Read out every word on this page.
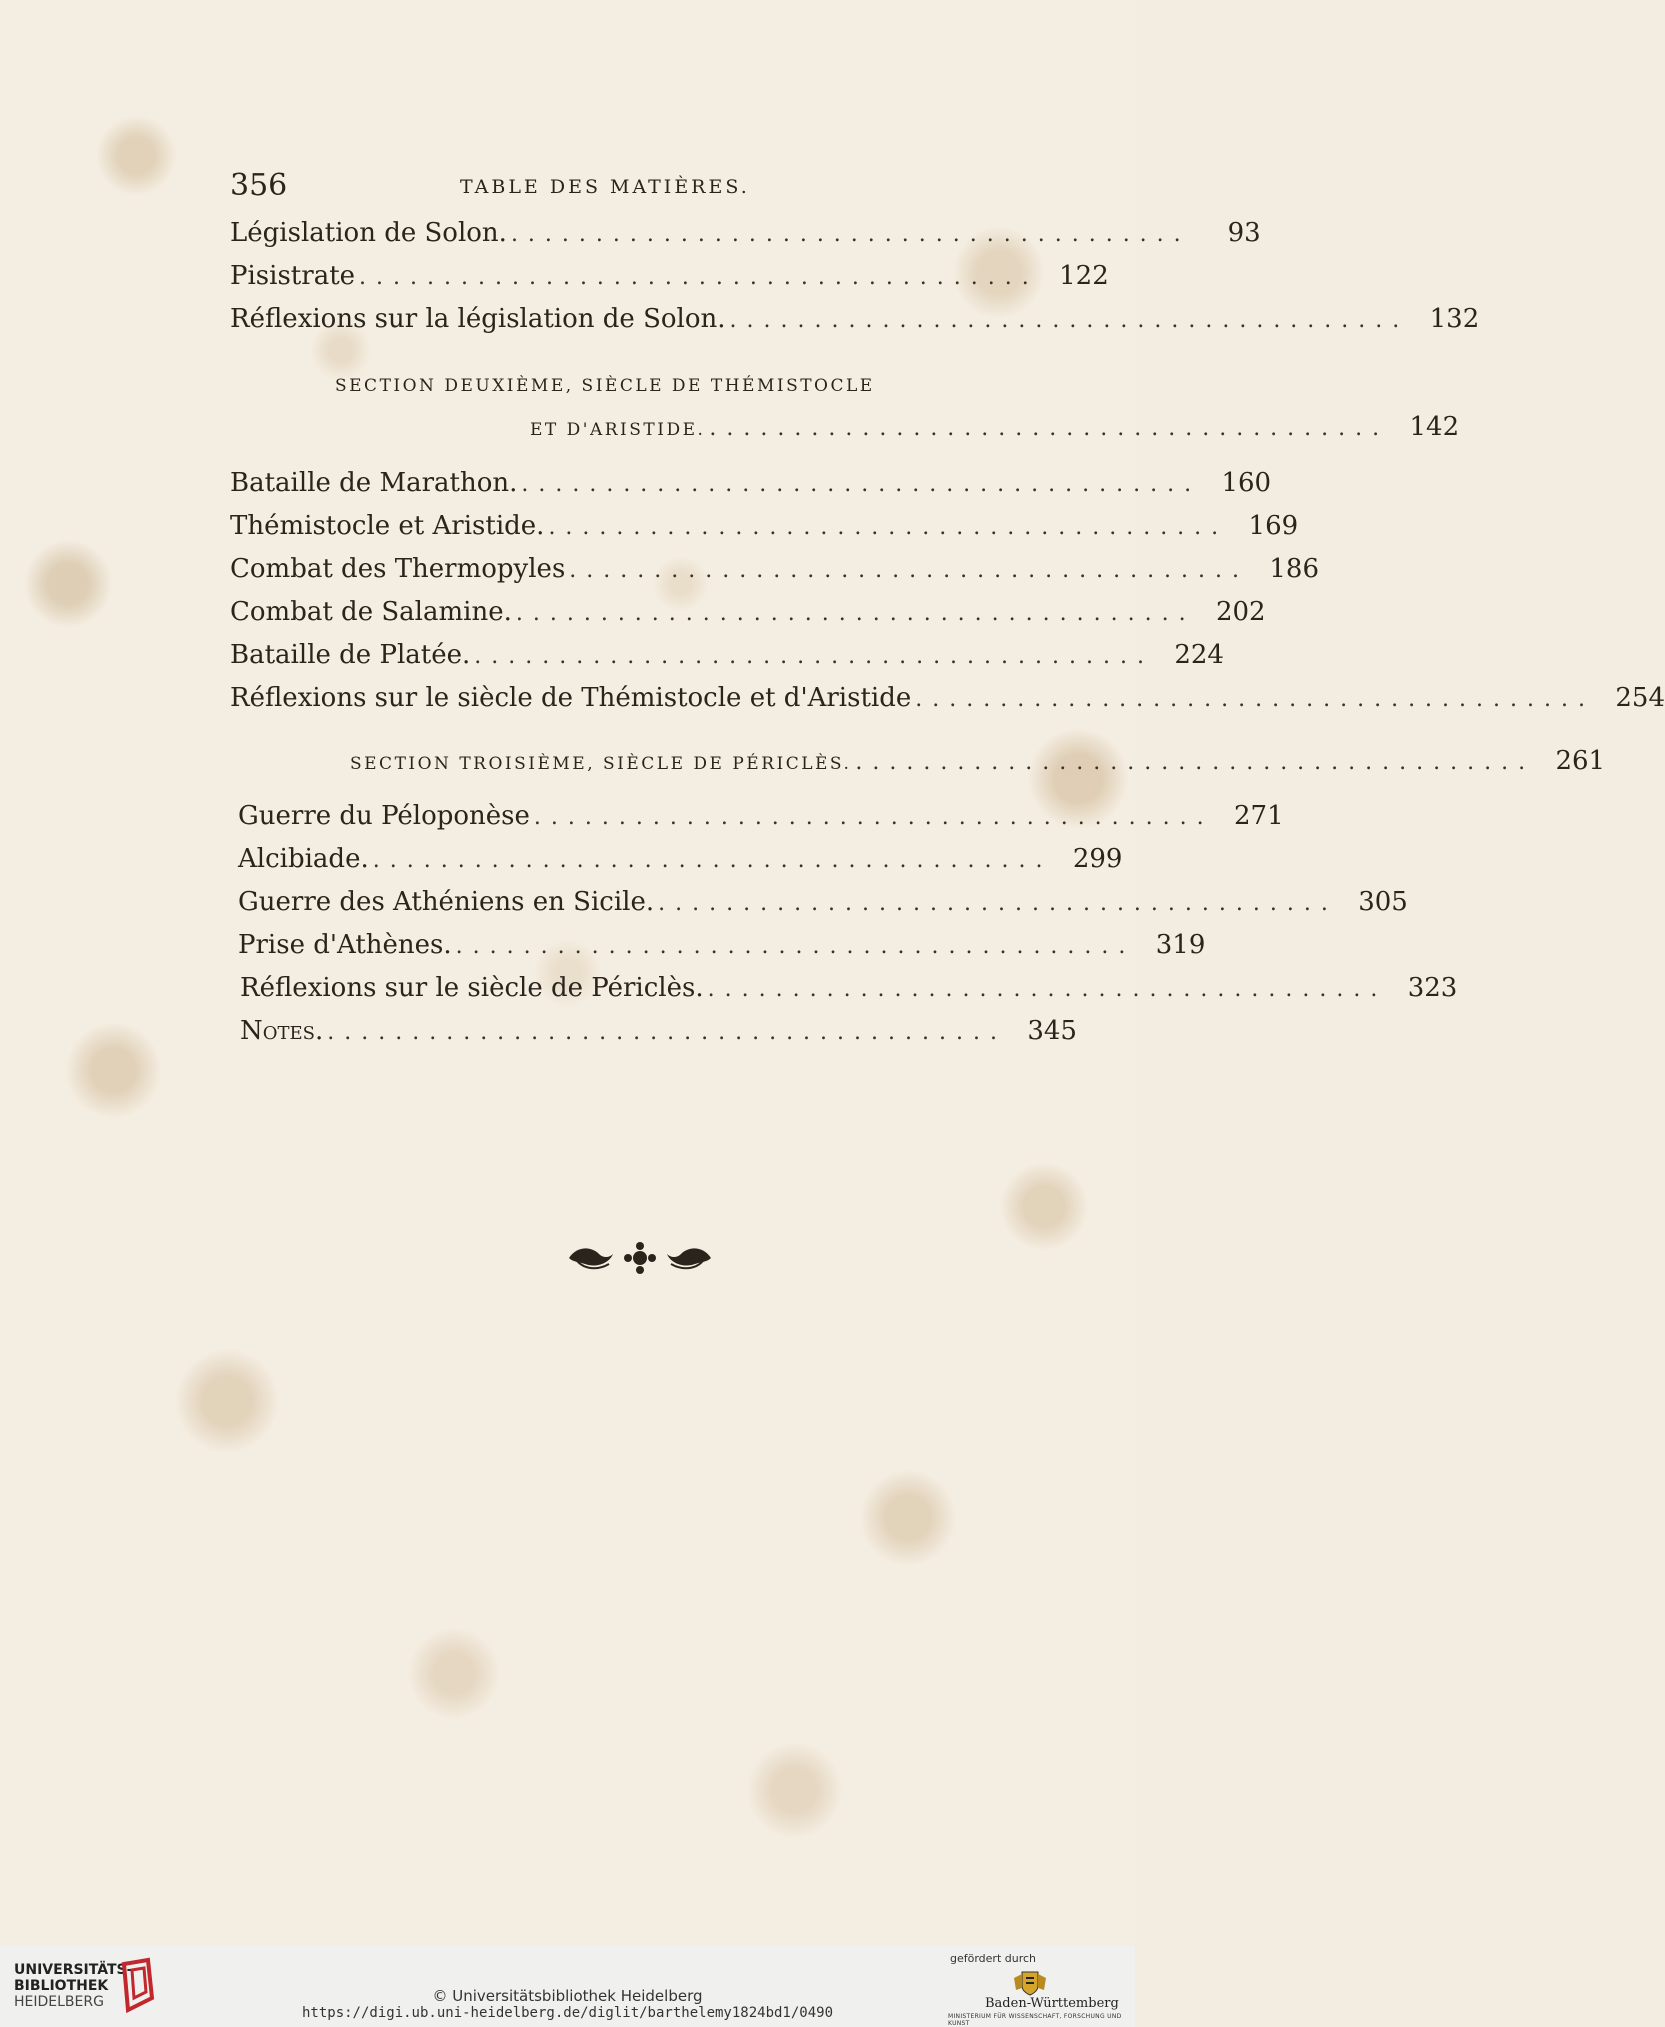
356	TABLE DES MATIÈRES.
Législation de Solon. ........................................	93
Pisistrate ........................................ 122
Réflexions sur la législation de Solon. ........................................ 132
SECTION DEUXIÈME, SIÈCLE DE THÉMISTOCLE
ET D'ARISTIDE. ........................................ 142
Bataille de Marathon. ........................................ 160
Thémistocle et Aristide. ........................................ 169
Combat des Thermopyles ........................................ 186
Combat de Salamine. ........................................ 202
Bataille de Platée. ........................................ 224
Réflexions sur le siècle de Thémistocle et d'Aristide ........................................ 254
SECTION TROISIÈME, SIÈCLE DE PÉRICLÈS. ........................................ 261
Guerre du Péloponèse ........................................ 271
Alcibiade. ........................................ 299
Guerre des Athéniens en Sicile. ........................................ 305
Prise d'Athènes. ........................................ 319
Réflexions sur le siècle de Périclès. ........................................ 323
Notes. ........................................ 345
UNIVERSITÄTS-
BIBLIOTHEK
HEIDELBERG	© Universitätsbibliothek Heidelberg
https://digi.ub.uni-heidelberg.de/diglit/barthelemy1824bd1/0490
gefördert durch
Baden-Württemberg
MINISTERIUM FÜR WISSENSCHAFT, FORSCHUNG UND KUNST
